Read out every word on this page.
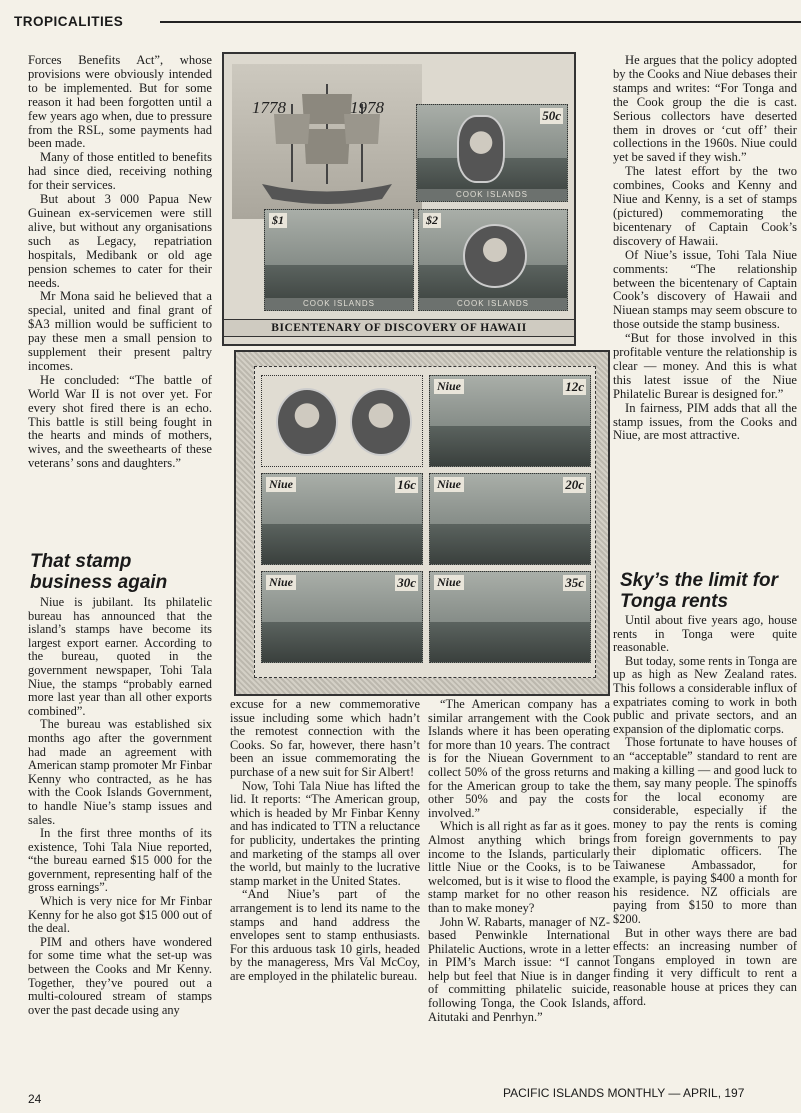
TROPICALITIES

Forces Benefits Act”, whose provisions were obviously intended to be implemented. But for some reason it had been forgotten until a few years ago when, due to pressure from the RSL, some payments had been made.

Many of those entitled to benefits had since died, receiving nothing for their services.

But about 3 000 Papua New Guinean ex-servicemen were still alive, but without any organisations such as Legacy, repatriation hospitals, Medibank or old age pension schemes to cater for their needs.

Mr Mona said he believed that a special, united and final grant of $A3 million would be sufficient to pay these men a small pension to supplement their present paltry incomes.

He concluded: “The battle of World War II is not over yet. For every shot fired there is an echo. This battle is still being fought in the hearts and minds of mothers, wives, and the sweethearts of these veterans’ sons and daughters.”

That stamp business again

Niue is jubilant. Its philatelic bureau has announced that the island’s stamps have become its largest export earner. According to the bureau, quoted in the government newspaper, Tohi Tala Niue, the stamps “probably earned more last year than all other exports combined”.

The bureau was established six months ago after the government had made an agreement with American stamp promoter Mr Finbar Kenny who contracted, as he has with the Cook Islands Government, to handle Niue’s stamp issues and sales.

In the first three months of its existence, Tohi Tala Niue reported, “the bureau earned $15 000 for the government, representing half of the gross earnings”.

Which is very nice for Mr Finbar Kenny for he also got $15 000 out of the deal.

PIM and others have wondered for some time what the set-up was between the Cooks and Mr Kenny. Together, they’ve poured out a multi-coloured stream of stamps over the past decade using any

1778	1978	50c
COOK ISLANDS
$1
COOK ISLANDS
$2
COOK ISLANDS
BICENTENARY OF DISCOVERY OF HAWAII
Niue	12c
Niue	16c Niue	20c
Niue	30c Niue	35c

excuse for a new commemorative issue including some which hadn’t the remotest connection with the Cooks. So far, however, there hasn’t been an issue commemorating the purchase of a new suit for Sir Albert!

Now, Tohi Tala Niue has lifted the lid. It reports: “The American group, which is headed by Mr Finbar Kenny and has indicated to TTN a reluctance for publicity, undertakes the printing and marketing of the stamps all over the world, but mainly to the lucrative stamp market in the United States.

“And Niue’s part of the arrangement is to lend its name to the stamps and hand address the envelopes sent to stamp enthusiasts. For this arduous task 10 girls, headed by the manageress, Mrs Val McCoy, are employed in the philatelic bureau.

“The American company has a similar arrangement with the Cook Islands where it has been operating for more than 10 years. The contract is for the Niuean Government to collect 50% of the gross returns and for the American group to take the other 50% and pay the costs involved.”

Which is all right as far as it goes. Almost anything which brings income to the Islands, particularly little Niue or the Cooks, is to be welcomed, but is it wise to flood the stamp market for no other reason than to make money?

John W. Rabarts, manager of NZ-based Penwinkle International Philatelic Auctions, wrote in a letter in PIM’s March issue: “I cannot help but feel that Niue is in danger of committing philatelic suicide, following Tonga, the Cook Islands, Aitutaki and Penrhyn.”

He argues that the policy adopted by the Cooks and Niue debases their stamps and writes: “For Tonga and the Cook group the die is cast. Serious collectors have deserted them in droves or ‘cut off’ their collections in the 1960s. Niue could yet be saved if they wish.”

The latest effort by the two combines, Cooks and Kenny and Niue and Kenny, is a set of stamps (pictured) commemorating the bicentenary of Captain Cook’s discovery of Hawaii.

Of Niue’s issue, Tohi Tala Niue comments: “The relationship between the bicentenary of Captain Cook’s discovery of Hawaii and Niuean stamps may seem obscure to those outside the stamp business.

“But for those involved in this profitable venture the relationship is clear — money. And this is what this latest issue of the Niue Philatelic Burear is designed for.”

In fairness, PIM adds that all the stamp issues, from the Cooks and Niue, are most attractive.

Sky’s the limit for Tonga rents

Until about five years ago, house rents in Tonga were quite reasonable.

But today, some rents in Tonga are up as high as New Zealand rates. This follows a considerable influx of expatriates coming to work in both public and private sectors, and an expansion of the diplomatic corps.

Those fortunate to have houses of an “acceptable” standard to rent are making a killing — and good luck to them, say many people. The spinoffs for the local economy are considerable, especially if the money to pay the rents is coming from foreign governments to pay their diplomatic officers. The Taiwanese Ambassador, for example, is paying $400 a month for his residence. NZ officials are paying from $150 to more than $200.

But in other ways there are bad effects: an increasing number of Tongans employed in town are finding it very difficult to rent a reasonable house at prices they can afford.

24	PACIFIC ISLANDS MONTHLY — APRIL, 197
